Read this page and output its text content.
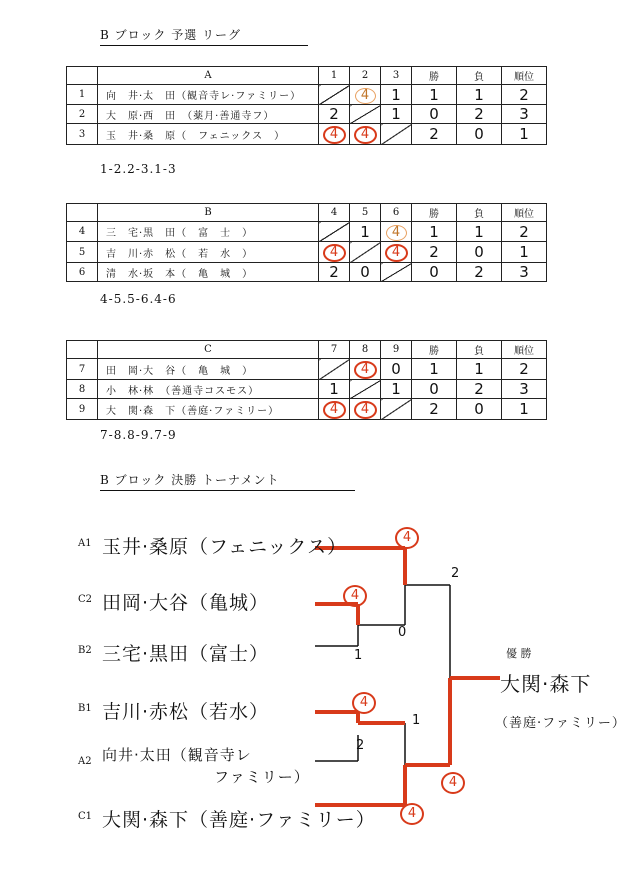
B ブロック 予選 リーグ
	A	1	2	3	勝	負	順位
1	向　井·太　田（観音寺レ·ファミリー）		4	1	1	1	2
2	大　原·西　田　（薬月·善通寺フ）	2		1	0	2	3
3	玉　井·桑　原（　フェニックス　）	4	4		2	0	1
	B	4	5	6	勝	負	順位
4	三　宅·黒　田（　富　士　）		1	4	1	1	2
5	吉　川·赤　松（　若　水　）	4		4	2	0	1
6	清　水·坂　本（　亀　城　）	2	0		0	2	3
	C	7	8	9	勝	負	順位
7	田　岡·大　谷（　亀　城　）		4	0	1	1	2
8	小　林·林　（善通寺コスモス）	1		1	0	2	3
9	大　関·森　下（善庭·ファミリー）	4	4		2	0	1
1-2.2-3.1-3
4-5.5-6.4-6
7-8.8-9.7-9
B ブロック 決勝 トーナメント
A1 玉井·桑原（フェニックス）
C2 田岡·大谷（亀城）
B2 三宅·黒田（富士）
B1 吉川·赤松（若水）
A2 向井·太田（観音寺レ
ファミリー）
C1 大関·森下（善庭·ファミリー）
4
1
4
2
4
0
1
4
2
4
優 勝
大関·森下
（善庭·ファミリー）
